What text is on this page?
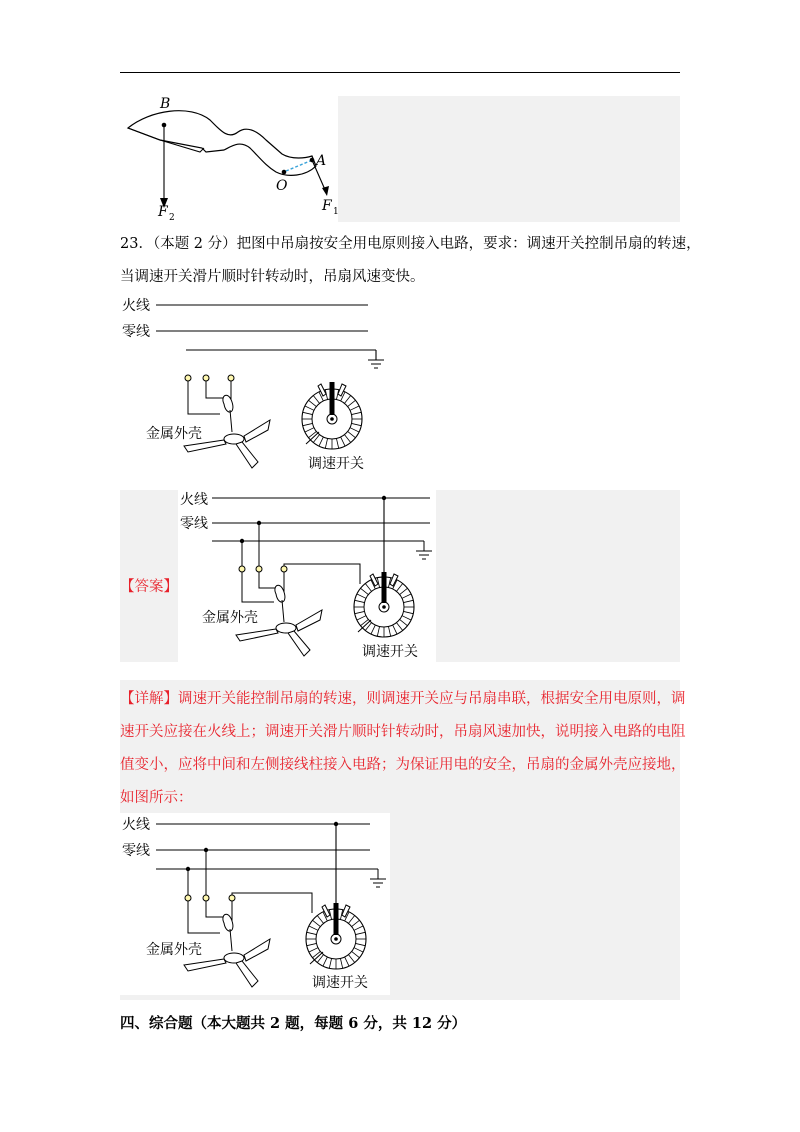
B
F 2
O
A
F 1
23．（本题 2 分）把图中吊扇按安全用电原则接入电路，要求：调速开关控制吊扇的转速，
当调速开关滑片顺时针转动时，吊扇风速变快。
火线
零线
金属外壳
调速开关
【答案】
火线
零线
金属外壳
调速开关
【详解】调速开关能控制吊扇的转速，则调速开关应与吊扇串联，根据安全用电原则，调
速开关应接在火线上；调速开关滑片顺时针转动时，吊扇风速加快，说明接入电路的电阻
值变小，应将中间和左侧接线柱接入电路；为保证用电的安全，吊扇的金属外壳应接地，
如图所示：
火线
零线
金属外壳
调速开关
四、综合题（本大题共 2 题，每题 6 分，共 12 分）
